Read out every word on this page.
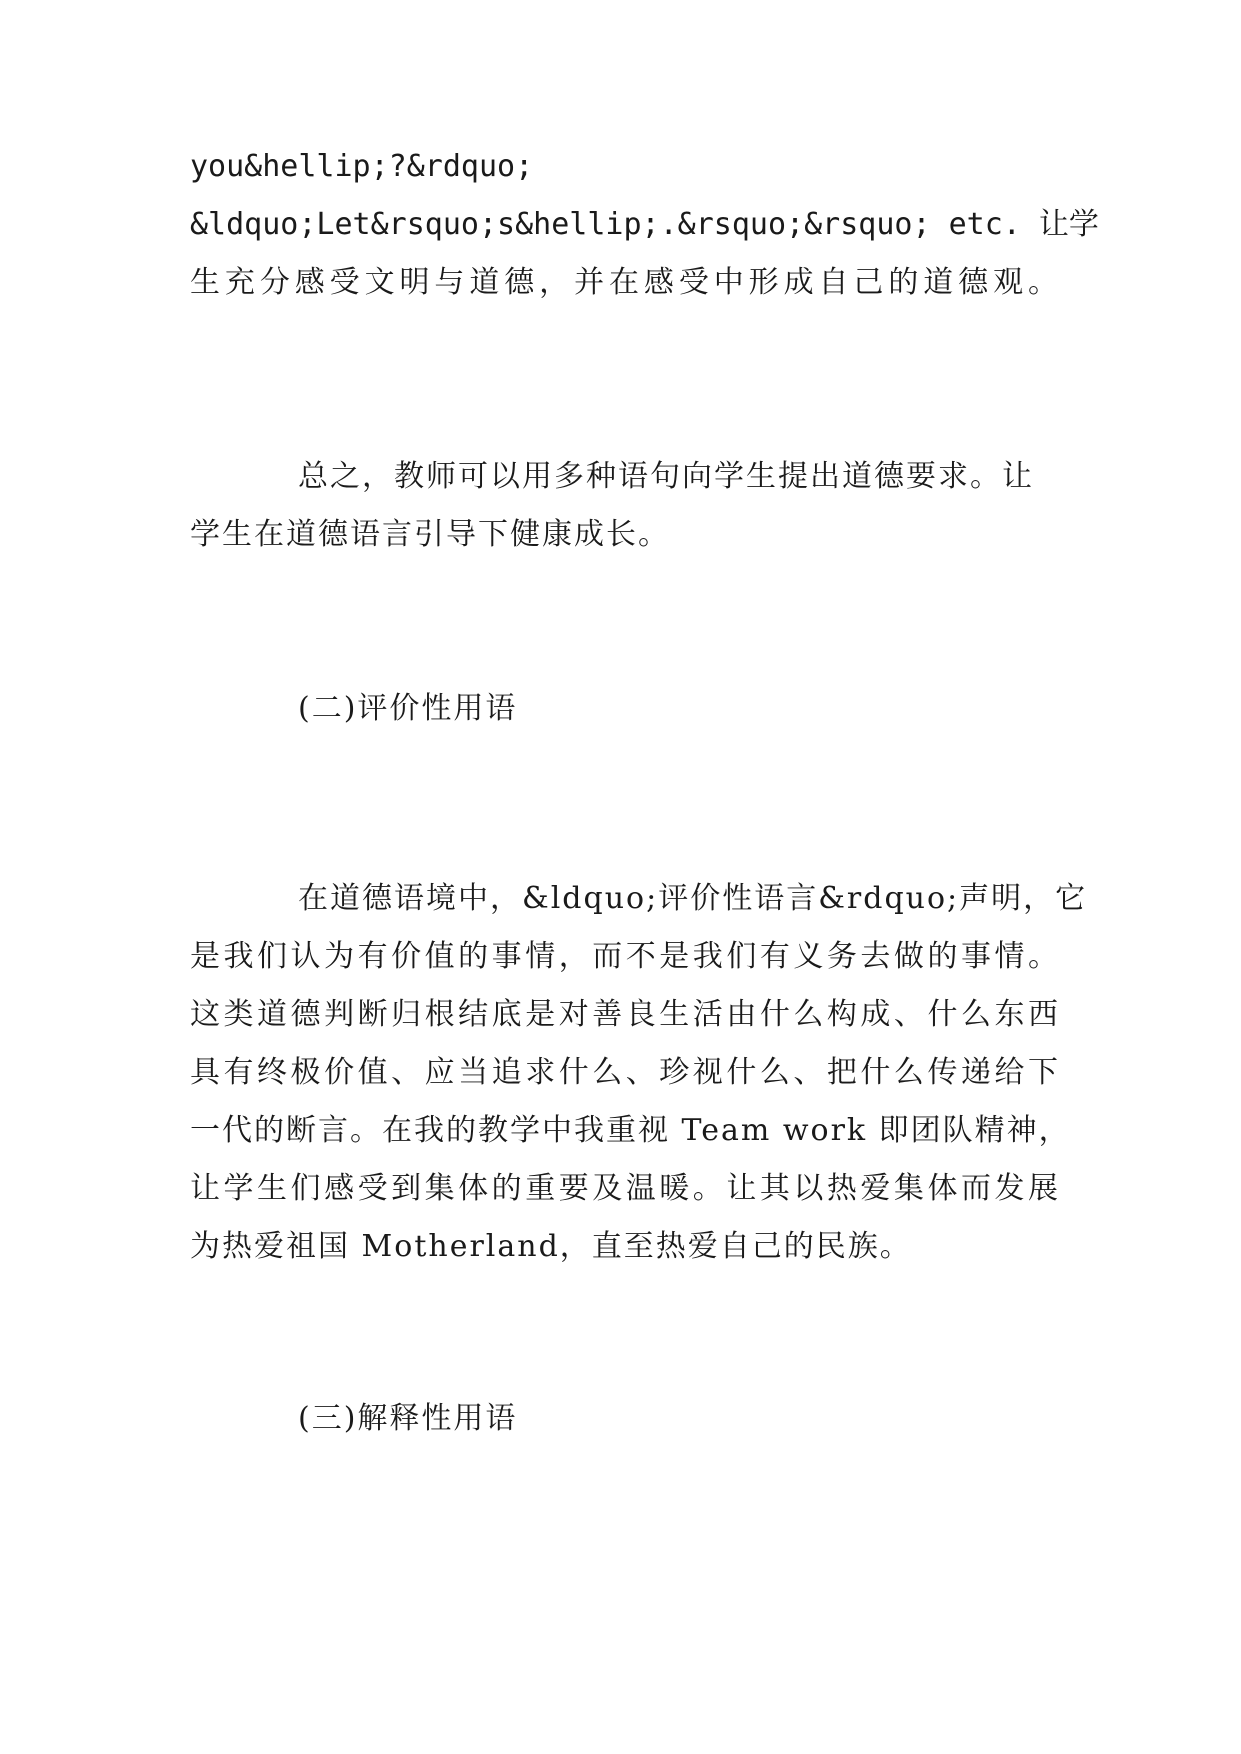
you&hellip;?&rdquo;
&ldquo;Let&rsquo;s&hellip;.&rsquo;&rsquo; etc. 让学
生充分感受文明与道德，并在感受中形成自己的道德观。
总之，教师可以用多种语句向学生提出道德要求。让
学生在道德语言引导下健康成长。
(二)评价性用语
在道德语境中，&ldquo;评价性语言&rdquo;声明，它
是我们认为有价值的事情，而不是我们有义务去做的事情。
这类道德判断归根结底是对善良生活由什么构成、什么东西
具有终极价值、应当追求什么、珍视什么、把什么传递给下
一代的断言。在我的教学中我重视 Team work 即团队精神，
让学生们感受到集体的重要及温暖。让其以热爱集体而发展
为热爱祖国 Motherland，直至热爱自己的民族。
(三)解释性用语
